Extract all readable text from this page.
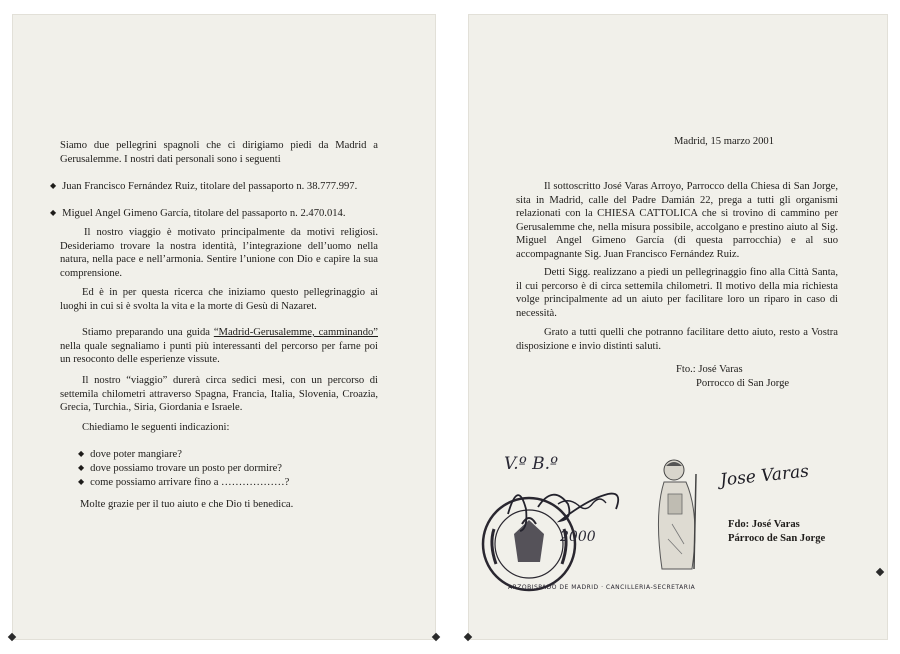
Siamo due pellegrini spagnoli che ci dirigiamo piedi da Madrid a Gerusalemme. I nostri dati personali sono i seguenti

◆ Juan Francisco Fernández Ruiz, titolare del passaporto n. 38.777.997.
◆ Miguel Angel Gimeno García, titolare del passaporto n. 2.470.014.

Il nostro viaggio è motivato principalmente da motivi religiosi. Desideriamo trovare la nostra identità, l’integrazione dell’uomo nella natura, nella pace e nell’armonia. Sentire l’unione con Dio e capire la sua comprensione.

Ed è in per questa ricerca che iniziamo questo pellegrinaggio ai luoghi in cui si è svolta la vita e la morte di Gesù di Nazaret.

Stiamo preparando una guida “Madrid-Gerusalemme, camminando” nella quale segnaliamo i punti più interessanti del percorso per farne poi un resoconto delle esperienze vissute.

Il nostro “viaggio” durerà circa sedici mesi, con un percorso di settemila chilometri attraverso Spagna, Francia, Italia, Slovenia, Croazia, Grecia, Turchia., Siria, Giordania e Israele.

Chiediamo le seguenti indicazioni:

◆ dove poter mangiare?
◆ dove possiamo trovare un posto per dormire?
◆ come possiamo arrivare fino a ………………?

Molte grazie per il tuo aiuto e che Dio ti benedica.

Madrid, 15 marzo 2001

Il sottoscritto José Varas Arroyo, Parrocco della Chiesa di San Jorge, sita in Madrid, calle del Padre Damián 22, prega a tutti gli organismi relazionati con la CHIESA CATTOLICA che si trovino di cammino per Gerusalemme che, nella misura possibile, accolgano e prestino aiuto al Sig. Miguel Angel Gimeno García (di questa parrocchia) e al suo accompagnante Sig. Juan Francisco Fernández Ruiz.

Detti Sigg. realizzano a piedi un pellegrinaggio fino alla Città Santa, il cui percorso è di circa settemila chilometri. Il motivo della mia richiesta volge principalmente ad un aiuto per facilitare loro un riparo in caso di necessità.

Grato a tutti quelli che potranno facilitare detto aiuto, resto a Vostra disposizione e invio distinti saluti.

Fto.: José Varas

Porrocco di San Jorge

V.º B.º
ARZOBISPADO DE MADRID · CANCILLERIA-SECRETARIA
2000
Jose Varas
Fdo: José Varas
Párroco de San Jorge
